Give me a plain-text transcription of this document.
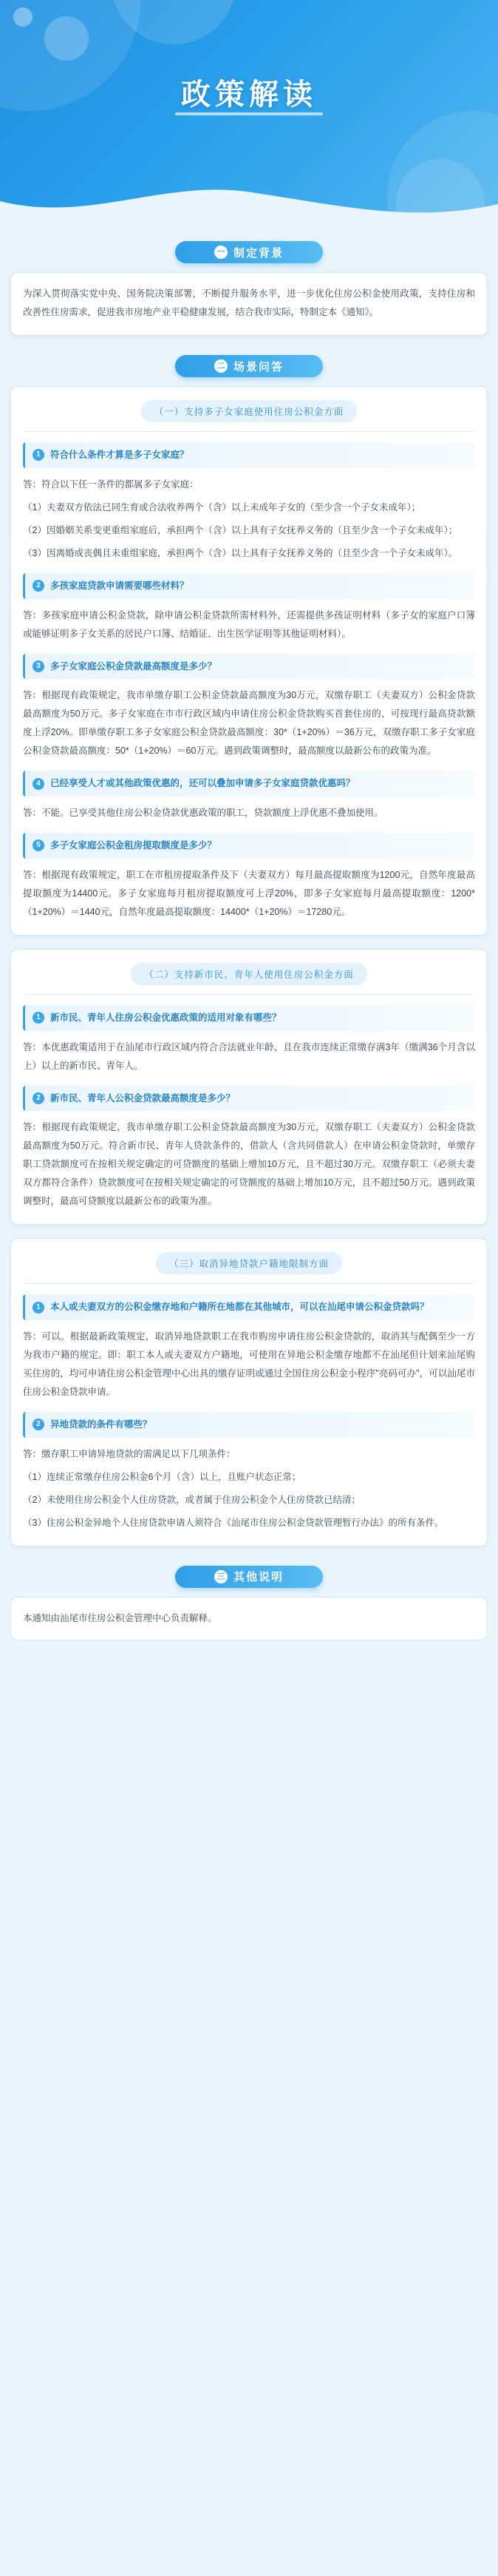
政策解读
一 制定背景

为深入贯彻落实党中央、国务院决策部署，不断提升服务水平，进一步优化住房公积金使用政策，支持住房和改善性住房需求，促进我市房地产业平稳健康发展，结合我市实际，特制定本《通知》。

二 场景问答
（一）支持多子女家庭使用住房公积金方面
1	符合什么条件才算是多子女家庭？

答：符合以下任一条件的都属多子女家庭：

（1）夫妻双方依法已同生育或合法收养两个（含）以上未成年子女的（至少含一个子女未成年）；

（2）因婚姻关系变更重组家庭后，承担两个（含）以上具有子女抚养义务的（且至少含一个子女未成年）；

（3）因离婚或丧偶且未重组家庭，承担两个（含）以上具有子女抚养义务的（且至少含一个子女未成年）。

2	多孩家庭贷款申请需要哪些材料？

答：多孩家庭申请公积金贷款，除申请公积金贷款所需材料外，还需提供多孩证明材料（多子女的家庭户口簿或能够证明多子女关系的居民户口簿、结婚证、出生医学证明等其他证明材料）。

3	多子女家庭公积金贷款最高额度是多少？

答：根据现有政策规定，我市单缴存职工公积金贷款最高额度为30万元，双缴存职工（夫妻双方）公积金贷款最高额度为50万元。多子女家庭在市市行政区域内申请住房公积金贷款购买首套住房的，可按现行最高贷款额度上浮20%。即单缴存职工多子女家庭公积金贷款最高额度：30*（1+20%）＝36万元，双缴存职工多子女家庭公积金贷款最高额度：50*（1+20%）＝60万元。遇到政策调整时，最高额度以最新公布的政策为准。

4	已经享受人才或其他政策优惠的，还可以叠加申请多子女家庭贷款优惠吗？

答：不能。已享受其他住房公积金贷款优惠政策的职工，贷款额度上浮优惠不叠加使用。

5	多子女家庭公积金租房提取额度是多少？

答：根据现有政策规定，职工在市租房提取条件及下（夫妻双方）每月最高提取额度为1200元，自然年度最高提取额度为14400元。多子女家庭每月租房提取额度可上浮20%，即多子女家庭每月最高提取额度：1200*（1+20%）＝1440元，自然年度最高提取额度：14400*（1+20%）＝17280元。

（二）支持新市民、青年人使用住房公积金方面
1	新市民、青年人住房公积金优惠政策的适用对象有哪些？

答：本优惠政策适用于在汕尾市行政区域内符合合法就业年龄、且在我市连续正常缴存满3年（缴满36个月含以上）以上的新市民、青年人。

2	新市民、青年人公积金贷款最高额度是多少？

答：根据现有政策规定，我市单缴存职工公积金贷款最高额度为30万元，双缴存职工（夫妻双方）公积金贷款最高额度为50万元。符合新市民、青年人贷款条件的，借款人（含共同借款人）在申请公积金贷款时，单缴存职工贷款额度可在按相关规定确定的可贷额度的基础上增加10万元，且不超过30万元。双缴存职工（必须夫妻双方都符合条件）贷款额度可在按相关规定确定的可贷额度的基础上增加10万元，且不超过50万元。遇到政策调整时，最高可贷额度以最新公布的政策为准。

（三）取消异地贷款户籍地限制方面
1	本人或夫妻双方的公积金缴存地和户籍所在地都在其他城市，可以在汕尾申请公积金贷款吗？

答：可以。根据最新政策规定，取消异地贷款职工在我市购房申请住房公积金贷款的，取消其与配偶至少一方为我市户籍的规定。即：职工本人或夫妻双方户籍地，可使用在异地公积金缴存地都不在汕尾但计划来汕尾购买住房的，均可申请住房公积金管理中心出具的缴存证明或通过全国住房公积金小程序"亮码可办"，可以汕尾市住房公积金贷款申请。

2	异地贷款的条件有哪些？

答：缴存职工申请异地贷款的需满足以下几项条件：

（1）连续正常缴存住房公积金6个月（含）以上，且账户状态正常；

（2）未使用住房公积金个人住房贷款，或者属于住房公积金个人住房贷款已结清；

（3）住房公积金异地个人住房贷款申请人须符合《汕尾市住房公积金贷款管理暂行办法》的所有条件。

三 其他说明

本通知由汕尾市住房公积金管理中心负责解释。
